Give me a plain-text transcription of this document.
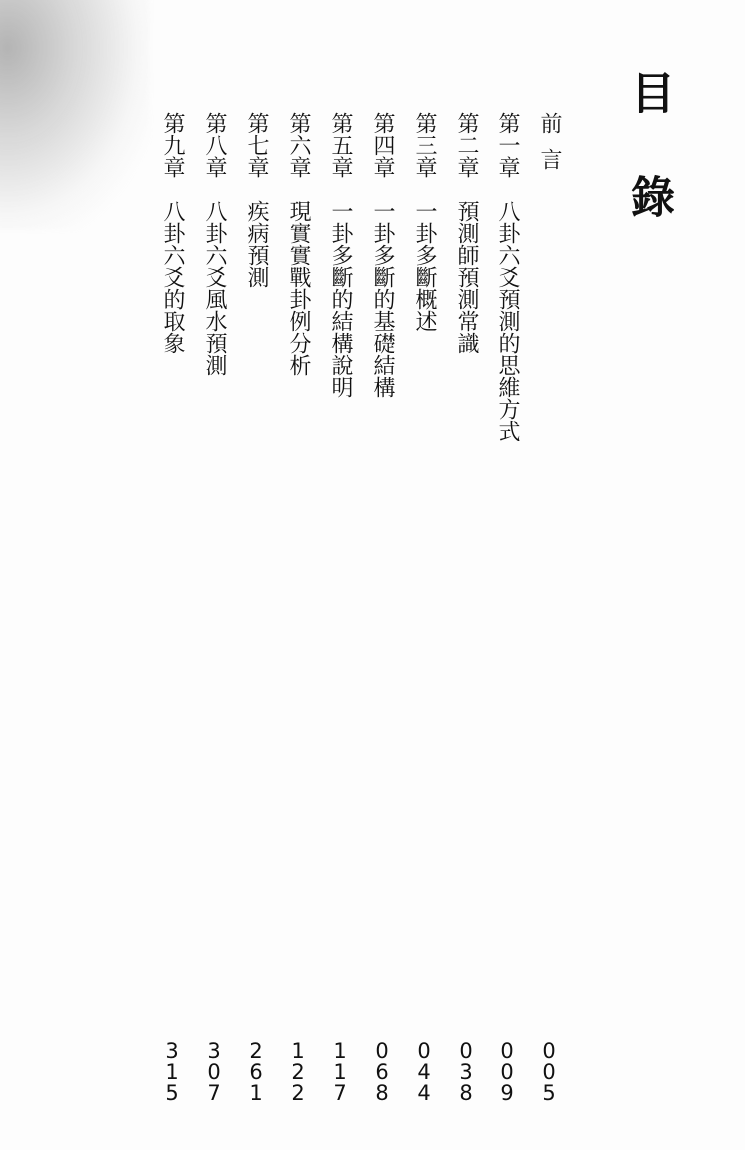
目錄
前言
005
第一章
八卦六爻預測的思維方式
009
第二章
預測師預測常識
038
第三章
一卦多斷概述
044
第四章
一卦多斷的基礎結構
068
第五章
一卦多斷的結構說明
117
第六章
現實實戰卦例分析
122
第七章
疾病預測
261
第八章
八卦六爻風水預測
307
第九章
八卦六爻的取象
315
